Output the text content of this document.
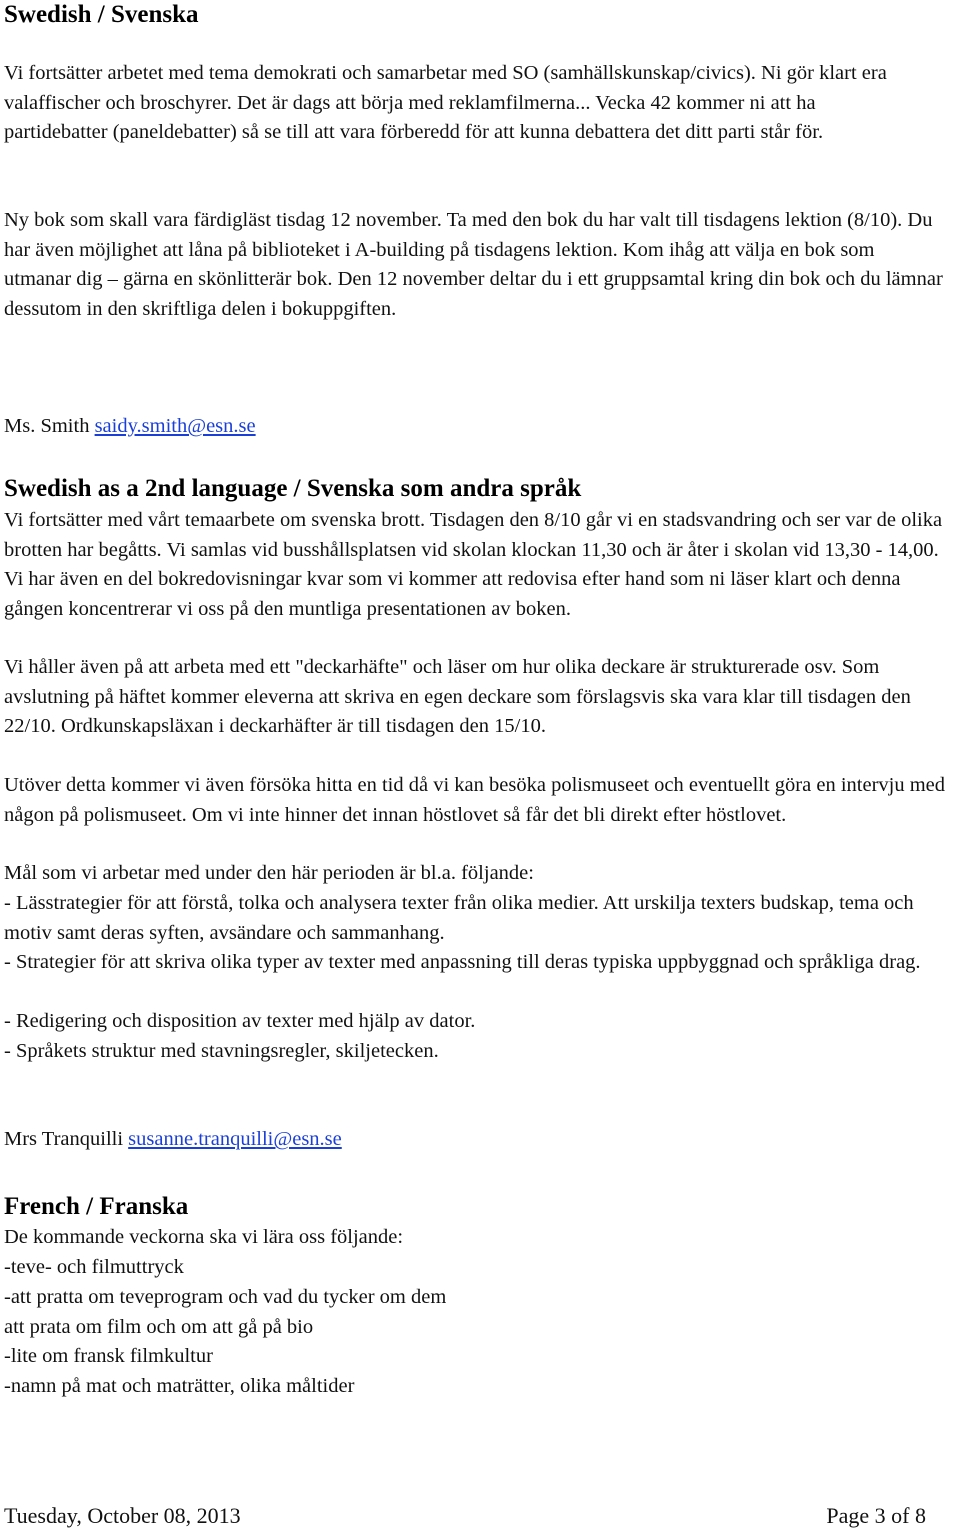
Swedish / Svenska

Vi fortsätter arbetet med tema demokrati och samarbetar med SO (samhällskunskap/civics). Ni gör klart era valaffischer och broschyrer. Det är dags att börja med reklamfilmerna... Vecka 42 kommer ni att ha partidebatter (paneldebatter) så se till att vara förberedd för att kunna debattera det ditt parti står för.

Ny bok som skall vara färdigläst tisdag 12 november. Ta med den bok du har valt till tisdagens lektion (8/10). Du har även möjlighet att låna på biblioteket i A-building på tisdagens lektion. Kom ihåg att välja en bok som utmanar dig – gärna en skönlitterär bok. Den 12 november deltar du i ett gruppsamtal kring din bok och du lämnar dessutom in den skriftliga delen i bokuppgiften.

Ms. Smith saidy.smith@esn.se

Swedish as a 2nd language / Svenska som andra språk

Vi fortsätter med vårt temaarbete om svenska brott. Tisdagen den 8/10 går vi en stadsvandring och ser var de olika brotten har begåtts. Vi samlas vid busshållsplatsen vid skolan klockan 11,30 och är åter i skolan vid 13,30 - 14,00. Vi har även en del bokredovisningar kvar som vi kommer att redovisa efter hand som ni läser klart och denna gången koncentrerar vi oss på den muntliga presentationen av boken.

Vi håller även på att arbeta med ett "deckarhäfte" och läser om hur olika deckare är strukturerade osv. Som avslutning på häftet kommer eleverna att skriva en egen deckare som förslagsvis ska vara klar till tisdagen den 22/10. Ordkunskapsläxan i deckarhäfter är till tisdagen den 15/10.

Utöver detta kommer vi även försöka hitta en tid då vi kan besöka polismuseet och eventuellt göra en intervju med någon på polismuseet. Om vi inte hinner det innan höstlovet så får det bli direkt efter höstlovet.

Mål som vi arbetar med under den här perioden är bl.a. följande:

- Lässtrategier för att förstå, tolka och analysera texter från olika medier. Att urskilja texters budskap, tema och motiv samt deras syften, avsändare och sammanhang.

- Strategier för att skriva olika typer av texter med anpassning till deras typiska uppbyggnad och språkliga drag.

- Redigering och disposition av texter med hjälp av dator.

- Språkets struktur med stavningsregler, skiljetecken.

Mrs Tranquilli susanne.tranquilli@esn.se

French / Franska

De kommande veckorna ska vi lära oss följande:

-teve- och filmuttryck

-att pratta om teveprogram och vad du tycker om dem

att prata om film och om att gå på bio

-lite om fransk filmkultur

-namn på mat och maträtter, olika måltider

Tuesday, October 08, 2013	Page 3 of 8
